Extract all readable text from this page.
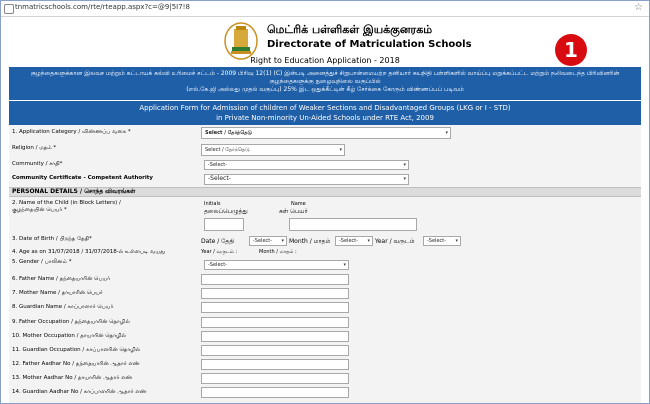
tnmatricschools.com/rte/rteapp.aspx?c=@9|5I7!8	☆
மெட்ரிக் பள்ளிகள் இயக்குனரகம்
Directorate of Matriculation Schools	1
Right to Education Application - 2018
குழந்தைகளுக்கான இலவச மற்றும் கட்டாயக் கல்வி உரிமைச் சட்டம் - 2009 பிரிவு 12(1) (C) இன்படி அனைத்துச் சிறுபான்மையற்ற தனியார் சுயநிதி பள்ளிகளில் வாய்ப்பு மறுக்கப்பட்ட மற்றும் நலிவடைந்த பிரிவினரின்
குழந்தைகளுக்கு நுழைவுநிலை வகுப்பில்
(எல்.கே.ஜி அல்லது முதல் வகுப்பு) 25% இட ஒதுக்கீட்டின் கீழ் சேர்க்கை கோரும் விண்ணப்பப் படிவம்
Application Form for Admission of children of Weaker Sections and Disadvantaged Groups (LKG or I - STD)
in Private Non-minority Un-Aided Schools under RTE Act, 2009
1. Application Category / விண்ணப்ப வகை *	Select / தேர்ந்தெடு	▾
Religion / மதம் *	Select / தேர்ந்தெடு	▾
Community / சாதி*	-Select-	▾
Community Certificate - Competent Authority	-Select-	▾
PERSONAL DETAILS / சொந்த விவரங்கள்
2. Name of the Child (in Block Letters) /
குழந்தையின் பெயர் *
Initials
தலைப்பெழுத்து
Name
கள் பெயர்
3. Date of Birth / பிறந்த தேதி*	Date / தேதி	-Select- ▾ Month / மாதம்	-Select- ▾ Year / வருடம்	-Select- ▾
4. Age as on 31/07/2018 / 31/07/2018-ல் உள்ளபடி வயது	Year / வருடம் :	Month / மாதம் :
5. Gender / பாலினம் *	-Select-	▾
6. Father Name / தந்தையாரின் பெயர்
7. Mother Name / தாயாரின் பெயர்
8. Guardian Name / காப்பாளார் பெயர்
9. Father Occupation / தந்தையாரின் தொழில்
10. Mother Occupation / தாயாரின் தொழில்
11. Guardian Occupation / காப்பாளரின் தொழில்
12. Father Aadhar No / தந்தையாரின் ஆதார் எண்
13. Mother Aadhar No / தாயாரின் ஆதார் எண்
14. Guardian Aadhar No / காப்பாளரின் ஆதார் எண்
